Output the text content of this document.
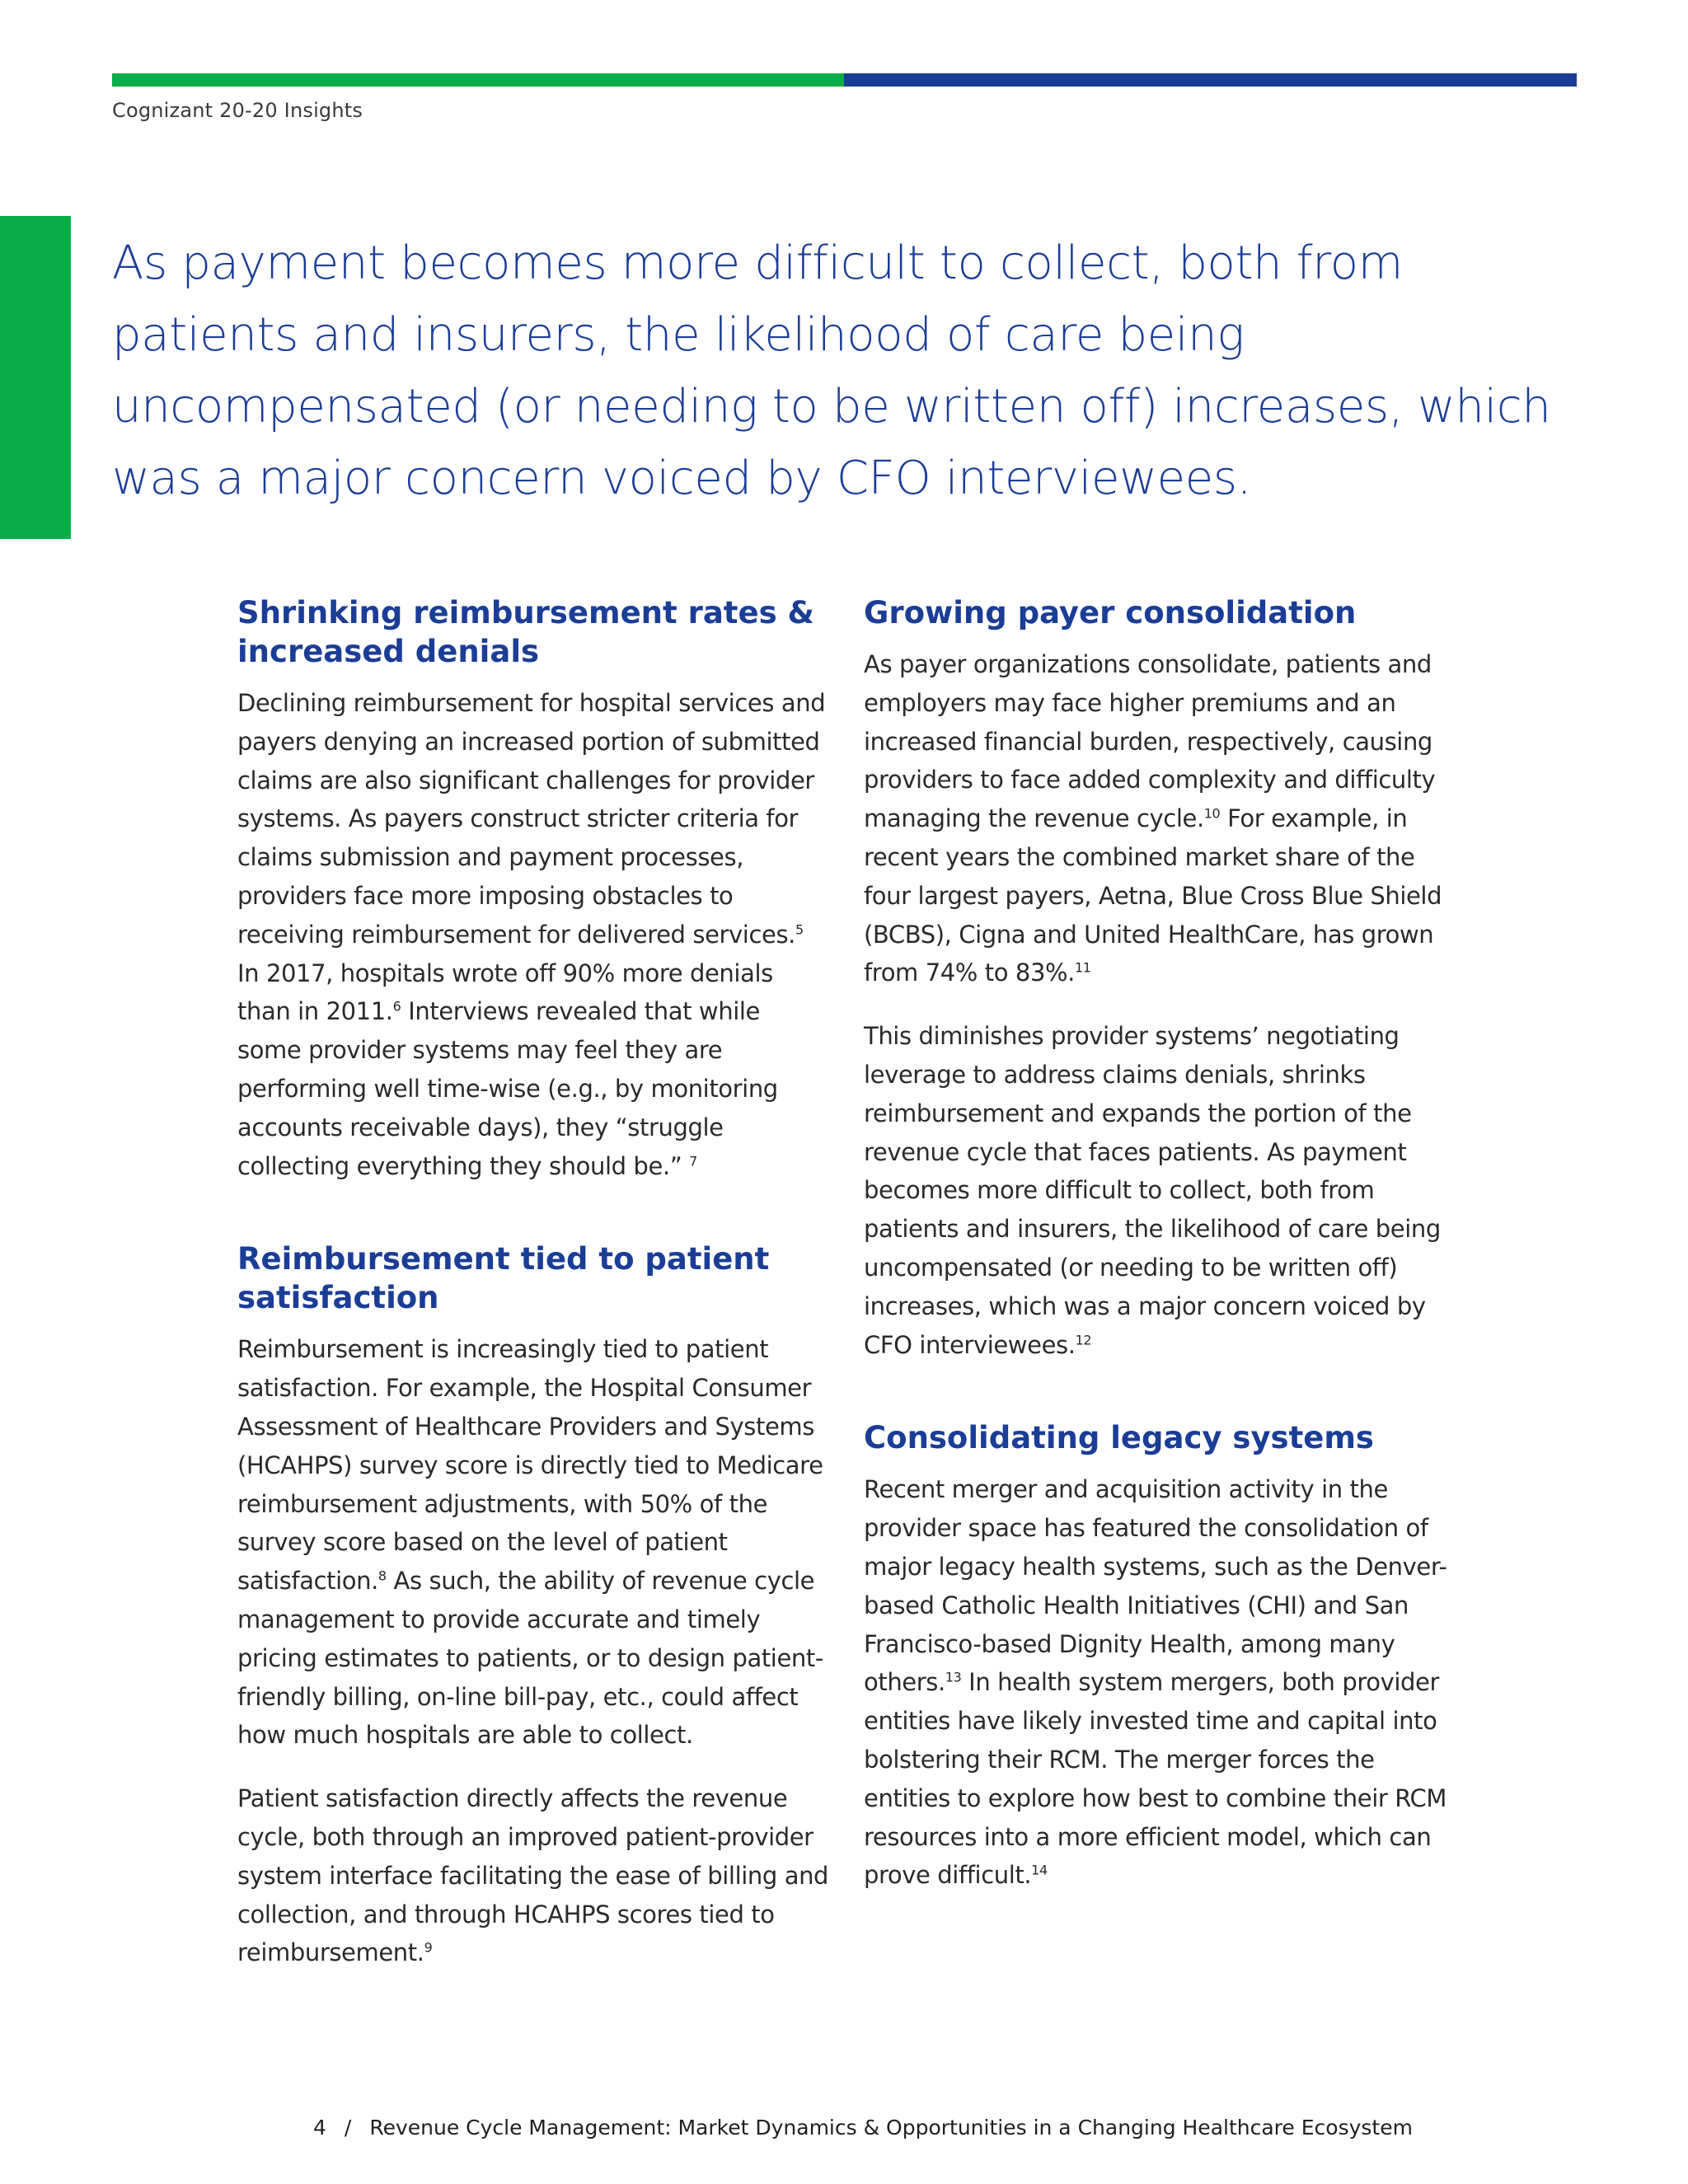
Cognizant 20-20 Insights
As payment becomes more difficult to collect, both from patients and insurers, the likelihood of care being uncompensated (or needing to be written off) increases, which was a major concern voiced by CFO interviewees.
Shrinking reimbursement rates & increased denials

Declining reimbursement for hospital services and payers denying an increased portion of submitted claims are also significant challenges for provider systems. As payers construct stricter criteria for claims submission and payment processes, providers face more imposing obstacles to receiving reimbursement for delivered services.$^5$ In 2017, hospitals wrote off 90% more denials than in 2011.$^6$ Interviews revealed that while some provider systems may feel they are performing well time-wise (e.g., by monitoring accounts receivable days), they “struggle collecting everything they should be.” $^7$

Reimbursement tied to patient satisfaction

Reimbursement is increasingly tied to patient satisfaction. For example, the Hospital Consumer Assessment of Healthcare Providers and Systems (HCAHPS) survey score is directly tied to Medicare reimbursement adjustments, with 50% of the survey score based on the level of patient satisfaction.$^8$ As such, the ability of revenue cycle management to provide accurate and timely pricing estimates to patients, or to design patient-friendly billing, on-line bill-pay, etc., could affect how much hospitals are able to collect.

Patient satisfaction directly affects the revenue cycle, both through an improved patient-provider system interface facilitating the ease of billing and collection, and through HCAHPS scores tied to reimbursement.$^9$

Growing payer consolidation

As payer organizations consolidate, patients and employers may face higher premiums and an increased financial burden, respectively, causing providers to face added complexity and difficulty managing the revenue cycle.$^{10}$ For example, in recent years the combined market share of the four largest payers, Aetna, Blue Cross Blue Shield (BCBS), Cigna and United HealthCare, has grown from 74% to 83%.$^{11}$

This diminishes provider systems’ negotiating leverage to address claims denials, shrinks reimbursement and expands the portion of the revenue cycle that faces patients. As payment becomes more difficult to collect, both from patients and insurers, the likelihood of care being uncompensated (or needing to be written off) increases, which was a major concern voiced by CFO interviewees.$^{12}$

Consolidating legacy systems

Recent merger and acquisition activity in the provider space has featured the consolidation of major legacy health systems, such as the Denver-based Catholic Health Initiatives (CHI) and San Francisco-based Dignity Health, among many others.$^{13}$ In health system mergers, both provider entities have likely invested time and capital into bolstering their RCM. The merger forces the entities to explore how best to combine their RCM resources into a more efficient model, which can prove difficult.$^{14}$

4 / Revenue Cycle Management: Market Dynamics & Opportunities in a Changing Healthcare Ecosystem
